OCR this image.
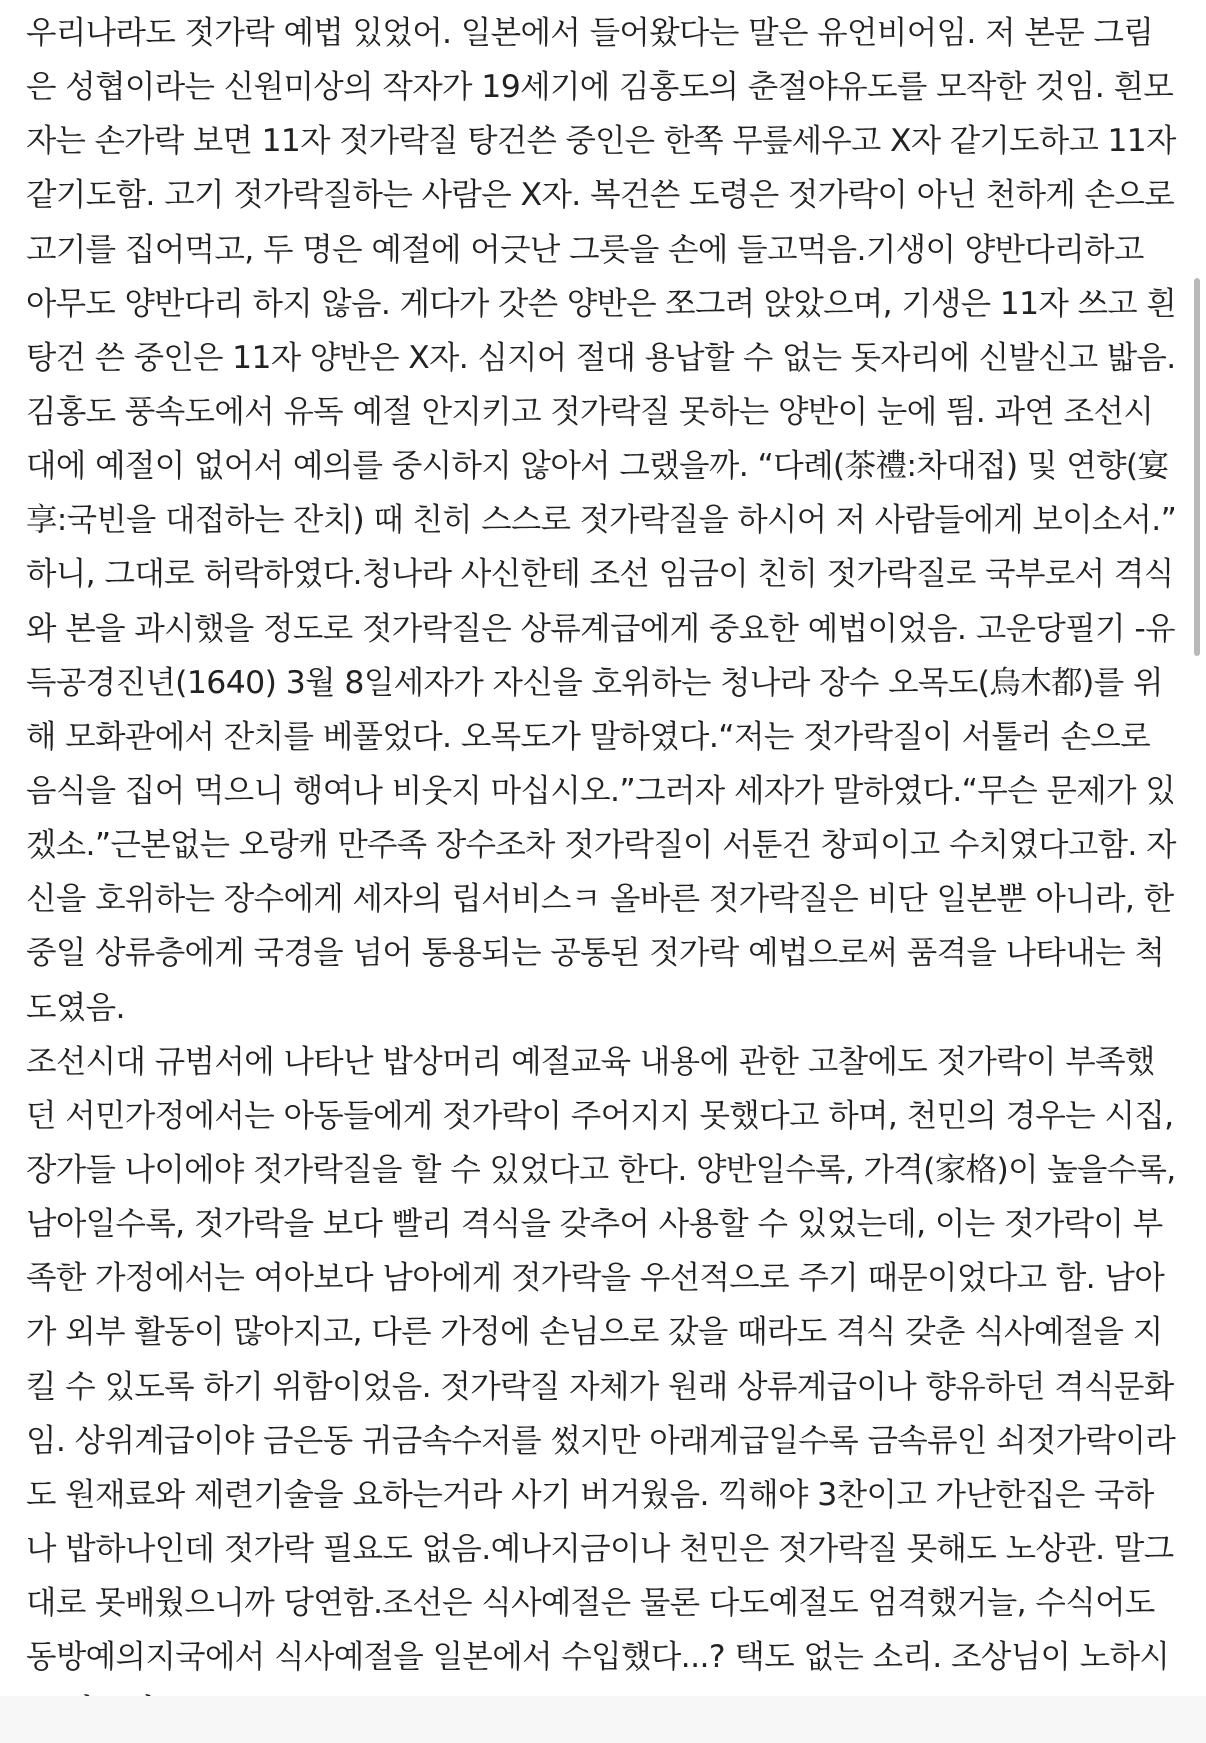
우리나라도 젓가락 예법 있었어. 일본에서 들어왔다는 말은 유언비어임. 저 본문 그림
은 성협이라는 신원미상의 작자가 19세기에 김홍도의 춘절야유도를 모작한 것임. 흰모
자는 손가락 보면 11자 젓가락질 탕건쓴 중인은 한쪽 무릎세우고 X자 같기도하고 11자
같기도함. 고기 젓가락질하는 사람은 X자. 복건쓴 도령은 젓가락이 아닌 천하게 손으로
고기를 집어먹고, 두 명은 예절에 어긋난 그릇을 손에 들고먹음.기생이 양반다리하고
아무도 양반다리 하지 않음. 게다가 갓쓴 양반은 쪼그려 앉았으며, 기생은 11자 쓰고 흰
탕건 쓴 중인은 11자 양반은 X자. 심지어 절대 용납할 수 없는 돗자리에 신발신고 밟음.
김홍도 풍속도에서 유독 예절 안지키고 젓가락질 못하는 양반이 눈에 띔. 과연 조선시
대에 예절이 없어서 예의를 중시하지 않아서 그랬을까. “다례(茶禮:차대접) 및 연향(宴
享:국빈을 대접하는 잔치) 때 친히 스스로 젓가락질을 하시어 저 사람들에게 보이소서.”
하니, 그대로 허락하였다.청나라 사신한테 조선 임금이 친히 젓가락질로 국부로서 격식
와 본을 과시했을 정도로 젓가락질은 상류계급에게 중요한 예법이었음. 고운당필기 -유
득공경진년(1640) 3월 8일세자가 자신을 호위하는 청나라 장수 오목도(烏木都)를 위
해 모화관에서 잔치를 베풀었다. 오목도가 말하였다.“저는 젓가락질이 서툴러 손으로
음식을 집어 먹으니 행여나 비웃지 마십시오.”그러자 세자가 말하였다.“무슨 문제가 있
겠소.”근본없는 오랑캐 만주족 장수조차 젓가락질이 서툰건 창피이고 수치였다고함. 자
신을 호위하는 장수에게 세자의 립서비스ㅋ 올바른 젓가락질은 비단 일본뿐 아니라, 한
중일 상류층에게 국경을 넘어 통용되는 공통된 젓가락 예법으로써 품격을 나타내는 척
도였음.
조선시대 규범서에 나타난 밥상머리 예절교육 내용에 관한 고찰에도 젓가락이 부족했
던 서민가정에서는 아동들에게 젓가락이 주어지지 못했다고 하며, 천민의 경우는 시집,
장가들 나이에야 젓가락질을 할 수 있었다고 한다. 양반일수록, 가격(家格)이 높을수록,
남아일수록, 젓가락을 보다 빨리 격식을 갖추어 사용할 수 있었는데, 이는 젓가락이 부
족한 가정에서는 여아보다 남아에게 젓가락을 우선적으로 주기 때문이었다고 함. 남아
가 외부 활동이 많아지고, 다른 가정에 손님으로 갔을 때라도 격식 갖춘 식사예절을 지
킬 수 있도록 하기 위함이었음. 젓가락질 자체가 원래 상류계급이나 향유하던 격식문화
임. 상위계급이야 금은동 귀금속수저를 썼지만 아래계급일수록 금속류인 쇠젓가락이라
도 원재료와 제련기술을 요하는거라 사기 버거웠음. 끽해야 3찬이고 가난한집은 국하
나 밥하나인데 젓가락 필요도 없음.예나지금이나 천민은 젓가락질 못해도 노상관. 말그
대로 못배웠으니까 당연함.조선은 식사예절은 물론 다도예절도 엄격했거늘, 수식어도
동방예의지국에서 식사예절을 일본에서 수입했다...? 택도 없는 소리. 조상님이 노하시
